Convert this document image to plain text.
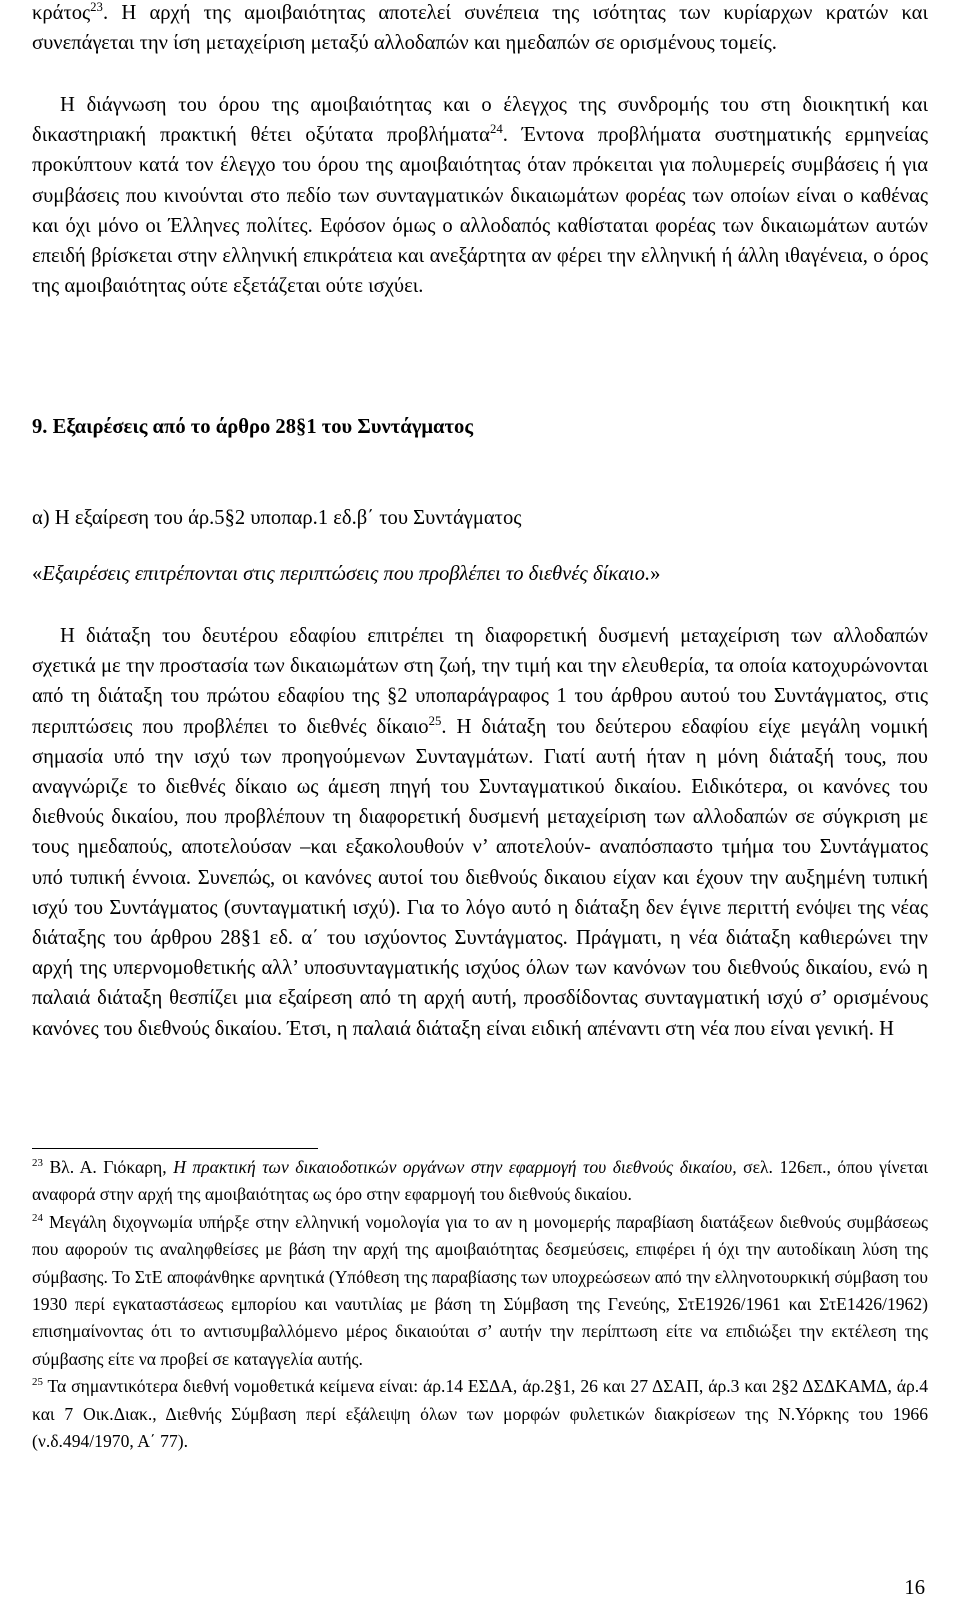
κράτος$^{23}$. Η αρχή της αμοιβαιότητας αποτελεί συνέπεια της ισότητας των κυρίαρχων κρατών και συνεπάγεται την ίση μεταχείριση μεταξύ αλλοδαπών και ημεδαπών σε ορισμένους τομείς.

Η διάγνωση του όρου της αμοιβαιότητας και ο έλεγχος της συνδρομής του στη διοικητική και δικαστηριακή πρακτική θέτει οξύτατα προβλήματα$^{24}$. Έντονα προβλήματα συστηματικής ερμηνείας προκύπτουν κατά τον έλεγχο του όρου της αμοιβαιότητας όταν πρόκειται για πολυμερείς συμβάσεις ή για συμβάσεις που κινούνται στο πεδίο των συνταγματικών δικαιωμάτων φορέας των οποίων είναι ο καθένας και όχι μόνο οι Έλληνες πολίτες. Εφόσον όμως ο αλλοδαπός καθίσταται φορέας των δικαιωμάτων αυτών επειδή βρίσκεται στην ελληνική επικράτεια και ανεξάρτητα αν φέρει την ελληνική ή άλλη ιθαγένεια, ο όρος της αμοιβαιότητας ούτε εξετάζεται ούτε ισχύει.

9. Εξαιρέσεις από το άρθρο 28§1 του Συντάγματος

α) Η εξαίρεση του άρ.5§2 υποπαρ.1 εδ.β΄ του Συντάγματος

«Εξαιρέσεις επιτρέπονται στις περιπτώσεις που προβλέπει το διεθνές δίκαιο.»

Η διάταξη του δευτέρου εδαφίου επιτρέπει τη διαφορετική δυσμενή μεταχείριση των αλλοδαπών σχετικά με την προστασία των δικαιωμάτων στη ζωή, την τιμή και την ελευθερία, τα οποία κατοχυρώνονται από τη διάταξη του πρώτου εδαφίου της §2 υποπαράγραφος 1 του άρθρου αυτού του Συντάγματος, στις περιπτώσεις που προβλέπει το διεθνές δίκαιο$^{25}$. Η διάταξη του δεύτερου εδαφίου είχε μεγάλη νομική σημασία υπό την ισχύ των προηγούμενων Συνταγμάτων. Γιατί αυτή ήταν η μόνη διάταξή τους, που αναγνώριζε το διεθνές δίκαιο ως άμεση πηγή του Συνταγματικού δικαίου. Ειδικότερα, οι κανόνες του διεθνούς δικαίου, που προβλέπουν τη διαφορετική δυσμενή μεταχείριση των αλλοδαπών σε σύγκριση με τους ημεδαπούς, αποτελούσαν –και εξακολουθούν ν’ αποτελούν- αναπόσπαστο τμήμα του Συντάγματος υπό τυπική έννοια. Συνεπώς, οι κανόνες αυτοί του διεθνούς δικαιου είχαν και έχουν την αυξημένη τυπική ισχύ του Συντάγματος (συνταγματική ισχύ). Για το λόγο αυτό η διάταξη δεν έγινε περιττή ενόψει της νέας διάταξης του άρθρου 28§1 εδ. α΄ του ισχύοντος Συντάγματος. Πράγματι, η νέα διάταξη καθιερώνει την αρχή της υπερνομοθετικής αλλ’ υποσυνταγματικής ισχύος όλων των κανόνων του διεθνούς δικαίου, ενώ η παλαιά διάταξη θεσπίζει μια εξαίρεση από τη αρχή αυτή, προσδίδοντας συνταγματική ισχύ σ’ ορισμένους κανόνες του διεθνούς δικαίου. Έτσι, η παλαιά διάταξη είναι ειδική απέναντι στη νέα που είναι γενική. Η

$^{23}$ Βλ. Α. Γιόκαρη, Η πρακτική των δικαιοδοτικών οργάνων στην εφαρμογή του διεθνούς δικαίου, σελ. 126επ., όπου γίνεται αναφορά στην αρχή της αμοιβαιότητας ως όρο στην εφαρμογή του διεθνούς δικαίου.

$^{24}$ Μεγάλη διχογνωμία υπήρξε στην ελληνική νομολογία για το αν η μονομερής παραβίαση διατάξεων διεθνούς συμβάσεως που αφορούν τις αναληφθείσες με βάση την αρχή της αμοιβαιότητας δεσμεύσεις, επιφέρει ή όχι την αυτοδίκαιη λύση της σύμβασης. Το ΣτΕ αποφάνθηκε αρνητικά (Υπόθεση της παραβίασης των υποχρεώσεων από την ελληνοτουρκική σύμβαση του 1930 περί εγκαταστάσεως εμπορίου και ναυτιλίας με βάση τη Σύμβαση της Γενεύης, ΣτΕ1926/1961 και ΣτΕ1426/1962) επισημαίνοντας ότι το αντισυμβαλλόμενο μέρος δικαιούται σ’ αυτήν την περίπτωση είτε να επιδιώξει την εκτέλεση της σύμβασης είτε να προβεί σε καταγγελία αυτής.

$^{25}$ Τα σημαντικότερα διεθνή νομοθετικά κείμενα είναι: άρ.14 ΕΣΔΑ, άρ.2§1, 26 και 27 ΔΣΑΠ, άρ.3 και 2§2 ΔΣΔΚΑΜΔ, άρ.4 και 7 Οικ.Διακ., Διεθνής Σύμβαση περί εξάλειψη όλων των μορφών φυλετικών διακρίσεων της Ν.Υόρκης του 1966 (ν.δ.494/1970, Α΄ 77).

16
